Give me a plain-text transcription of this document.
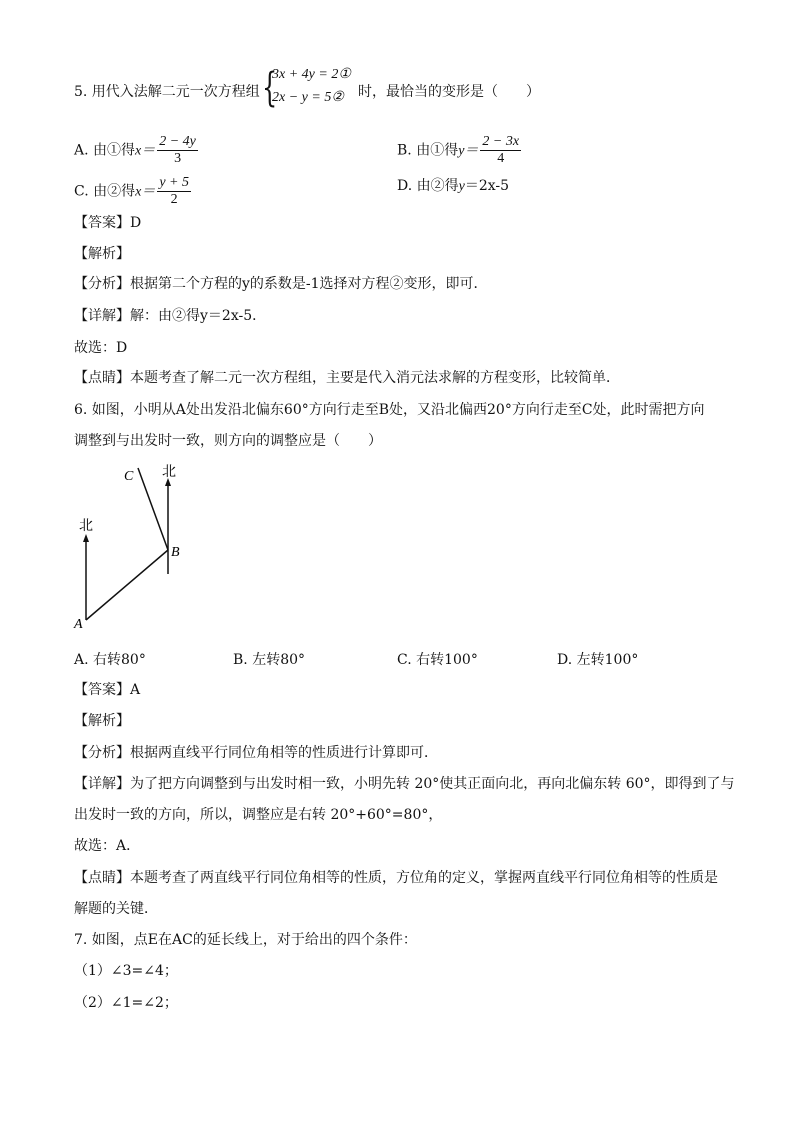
5. 用代入法解二元一次方程组 {
3x + 4y = 2①
2x − y = 5② 时，最恰当的变形是（　　）
A. 由①得$x= \frac{2 - 4y}{3}$	B. 由①得$y= \frac{2 - 3x}{4}$
C. 由②得$x= \frac{y + 5}{2}$	D. 由②得y＝2x-5
【答案】D
【解析】
【分析】根据第二个方程的y的系数是-1选择对方程②变形，即可．
【详解】解：由②得y＝2x-5．
故选：D
【点睛】本题考查了解二元一次方程组，主要是代入消元法求解的方程变形，比较简单．
6. 如图，小明从A处出发沿北偏东60°方向行走至B处，又沿北偏西20°方向行走至C处，此时需把方向
调整到与出发时一致，则方向的调整应是（　　）
北
北
A
B
C
A. 右转80°	B. 左转80°	C. 右转100°	D. 左转100°
【答案】A
【解析】
【分析】根据两直线平行同位角相等的性质进行计算即可．
【详解】为了把方向调整到与出发时相一致，小明先转 20°使其正面向北，再向北偏东转 60°，即得到了与
出发时一致的方向，所以，调整应是右转 20°+60°=80°，
故选：A．
【点睛】本题考查了两直线平行同位角相等的性质，方位角的定义，掌握两直线平行同位角相等的性质是
解题的关键．
7. 如图，点E在AC的延长线上，对于给出的四个条件：
（1）∠3=∠4；
（2）∠1=∠2；
